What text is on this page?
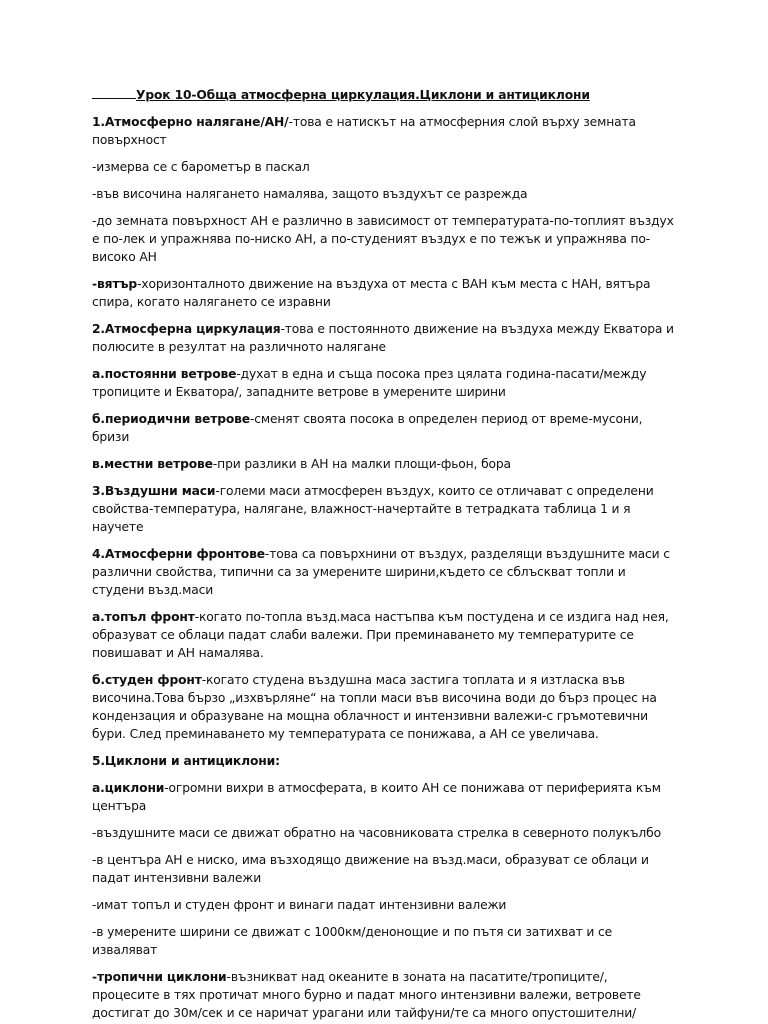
Урок 10-Обща атмосферна циркулация.Циклони и антициклони

1.Атмосферно налягане/АН/-това е натискът на атмосферния слой върху земната повърхност

-измерва се с барометър в паскал

-във височина налягането намалява, защото въздухът се разрежда

-до земната повърхност АН е различно в зависимост от температурата-по-топлият въздух е по-лек и упражнява по-ниско АН, а по-студеният въздух е по тежък и упражнява по-високо АН

-вятър-хоризонталното движение на въздуха от места с ВАН към места с НАН, вятъра спира, когато налягането се изравни

2.Атмосферна циркулация-това е постоянното движение на въздуха между Екватора и полюсите в резултат на различното налягане

а.постоянни ветрове-духат в една и съща посока през цялата година-пасати/между тропиците и Екватора/, западните ветрове в умерените ширини

б.периодични ветрове-сменят своята посока в определен период от време-мусони, бризи

в.местни ветрове-при разлики в АН на малки площи-фьон, бора

3.Въздушни маси-големи маси атмосферен въздух, които се отличават с определени свойства-температура, налягане, влажност-начертайте в тетрадката таблица 1 и я научете

4.Атмосферни фронтове-това са повърхнини от въздух, разделящи въздушните маси с различни свойства, типични са за умерените ширини,където се сблъскват топли и студени възд.маси

а.топъл фронт-когато по-топла възд.маса настъпва към постудена и се издига над нея, образуват се облаци падат слаби валежи. При преминаването му температурите се повишават и АН намалява.

б.студен фронт-когато студена въздушна маса застига топлата и я изтласка във височина.Това бързо „изхвърляне“ на топли маси във височина води до бърз процес на кондензация и образуване на мощна облачност и интензивни валежи-с гръмотевични бури. След преминаването му температурата се понижава, а АН се увеличава.

5.Циклони и антициклони:

а.циклони-огромни вихри в атмосферата, в които АН се понижава от периферията към центъра

-въздушните маси се движат обратно на часовниковата стрелка в северното полукълбо

-в центъра АН е ниско, има възходящо движение на възд.маси, образуват се облаци и падат интензивни валежи

-имат топъл и студен фронт и винаги падат интензивни валежи

-в умерените ширини се движат с 1000км/денонощие и по пътя си затихват и се изваляват

-тропични циклони-възникват над океаните в зоната на пасатите/тропиците/, процесите в тях протичат много бурно и падат много интензивни валежи, ветровете достигат до 30м/сек и се наричат урагани или тайфуни/те са много опустошителни/
